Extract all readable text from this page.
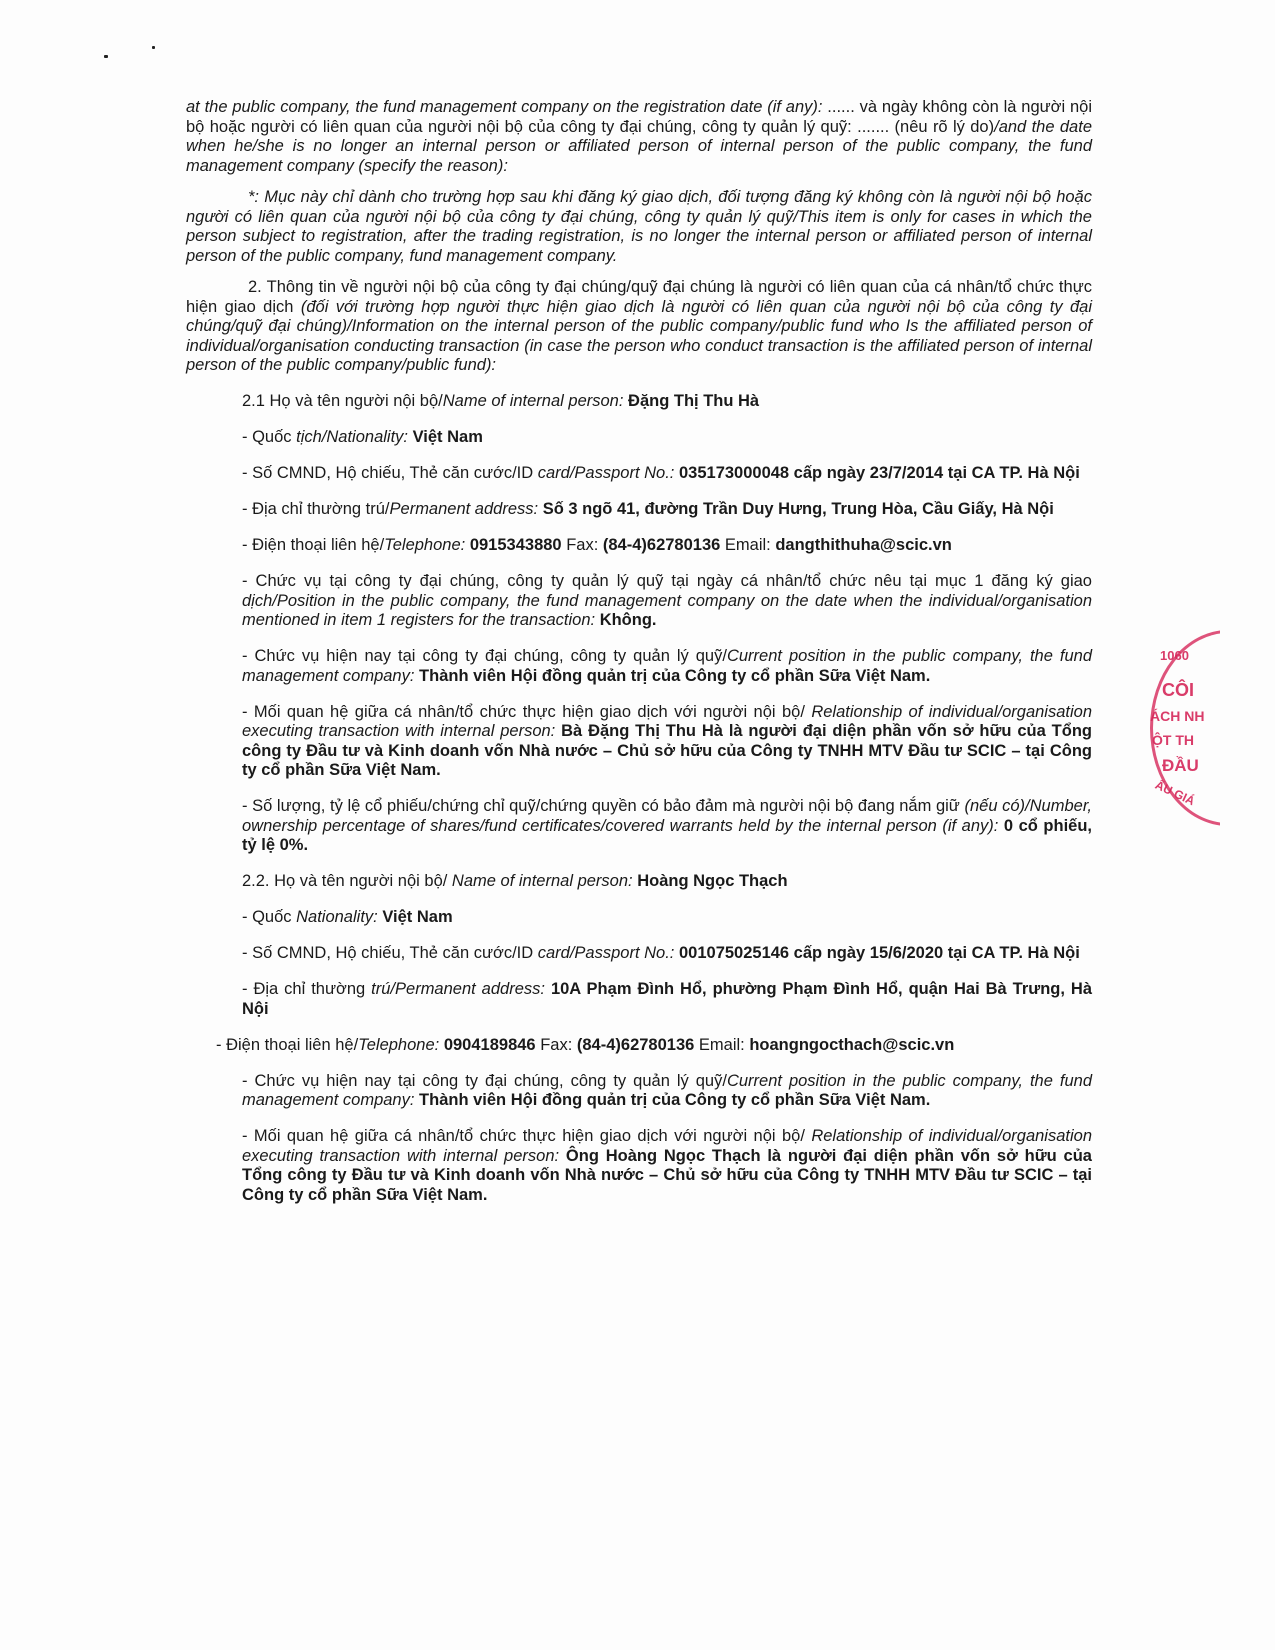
at the public company, the fund management company on the registration date (if any): ...... và ngày không còn là người nội bộ hoặc người có liên quan của người nội bộ của công ty đại chúng, công ty quản lý quỹ: ....... (nêu rõ lý do)/and the date when he/she is no longer an internal person or affiliated person of internal person of the public company, the fund management company (specify the reason):

*: Mục này chỉ dành cho trường hợp sau khi đăng ký giao dịch, đối tượng đăng ký không còn là người nội bộ hoặc người có liên quan của người nội bộ của công ty đại chúng, công ty quản lý quỹ/This item is only for cases in which the person subject to registration, after the trading registration, is no longer the internal person or affiliated person of internal person of the public company, fund management company.

2. Thông tin về người nội bộ của công ty đại chúng/quỹ đại chúng là người có liên quan của cá nhân/tổ chức thực hiện giao dịch (đối với trường hợp người thực hiện giao dịch là người có liên quan của người nội bộ của công ty đại chúng/quỹ đại chúng)/Information on the internal person of the public company/public fund who Is the affiliated person of individual/organisation conducting transaction (in case the person who conduct transaction is the affiliated person of internal person of the public company/public fund):

2.1 Họ và tên người nội bộ/Name of internal person: Đặng Thị Thu Hà

- Quốc tịch/Nationality: Việt Nam

- Số CMND, Hộ chiếu, Thẻ căn cước/ID card/Passport No.: 035173000048 cấp ngày 23/7/2014 tại CA TP. Hà Nội

- Địa chỉ thường trú/Permanent address: Số 3 ngõ 41, đường Trần Duy Hưng, Trung Hòa, Cầu Giấy, Hà Nội

- Điện thoại liên hệ/Telephone: 0915343880 Fax: (84-4)62780136 Email: dangthithuha@scic.vn

- Chức vụ tại công ty đại chúng, công ty quản lý quỹ tại ngày cá nhân/tổ chức nêu tại mục 1 đăng ký giao dịch/Position in the public company, the fund management company on the date when the individual/organisation mentioned in item 1 registers for the transaction: Không.

- Chức vụ hiện nay tại công ty đại chúng, công ty quản lý quỹ/Current position in the public company, the fund management company: Thành viên Hội đồng quản trị của Công ty cổ phần Sữa Việt Nam.

- Mối quan hệ giữa cá nhân/tổ chức thực hiện giao dịch với người nội bộ/ Relationship of individual/organisation executing transaction with internal person: Bà Đặng Thị Thu Hà là người đại diện phần vốn sở hữu của Tổng công ty Đầu tư và Kinh doanh vốn Nhà nước – Chủ sở hữu của Công ty TNHH MTV Đầu tư SCIC – tại Công ty cổ phần Sữa Việt Nam.

- Số lượng, tỷ lệ cổ phiếu/chứng chỉ quỹ/chứng quyền có bảo đảm mà người nội bộ đang nắm giữ (nếu có)/Number, ownership percentage of shares/fund certificates/covered warrants held by the internal person (if any): 0 cổ phiếu, tỷ lệ 0%.

2.2. Họ và tên người nội bộ/ Name of internal person: Hoàng Ngọc Thạch

- Quốc Nationality: Việt Nam

- Số CMND, Hộ chiếu, Thẻ căn cước/ID card/Passport No.: 001075025146 cấp ngày 15/6/2020 tại CA TP. Hà Nội

- Địa chỉ thường trú/Permanent address: 10A Phạm Đình Hổ, phường Phạm Đình Hổ, quận Hai Bà Trưng, Hà Nội

- Điện thoại liên hệ/Telephone: 0904189846 Fax: (84-4)62780136 Email: hoangngocthach@scic.vn

- Chức vụ hiện nay tại công ty đại chúng, công ty quản lý quỹ/Current position in the public company, the fund management company: Thành viên Hội đồng quản trị của Công ty cổ phần Sữa Việt Nam.

- Mối quan hệ giữa cá nhân/tổ chức thực hiện giao dịch với người nội bộ/ Relationship of individual/organisation executing transaction with internal person: Ông Hoàng Ngọc Thạch là người đại diện phần vốn sở hữu của Tổng công ty Đầu tư và Kinh doanh vốn Nhà nước – Chủ sở hữu của Công ty TNHH MTV Đầu tư SCIC – tại Công ty cổ phần Sữa Việt Nam.

1060
CÔI
ÁCH NH
ỘT TH
ĐẦU
ẤU GIÁ
